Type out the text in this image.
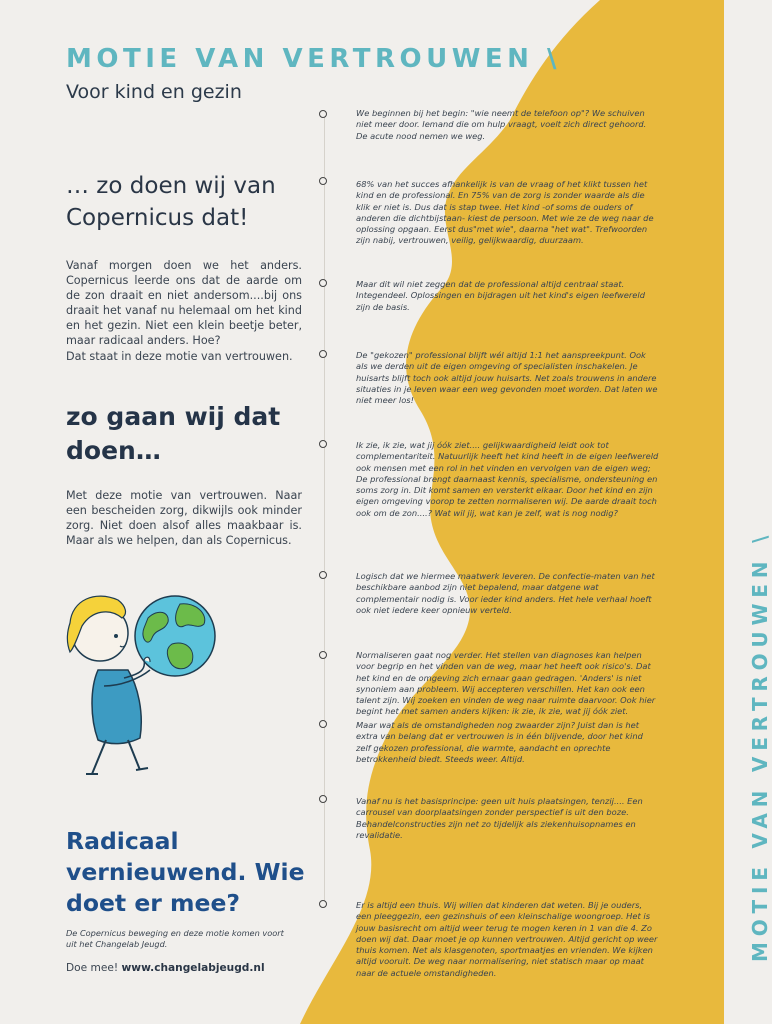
MOTIE VAN VERTROUWEN \
Voor kind en gezin
… zo doen wij van Copernicus dat!
Vanaf morgen doen we het anders. Copernicus leerde ons dat de aarde om de zon draait en niet andersom....bij ons draait het vanaf nu helemaal om het kind en het gezin. Niet een klein beetje beter, maar radicaal anders. Hoe?
Dat staat in deze motie van vertrouwen.
zo gaan wij dat doen…
Met deze motie van vertrouwen. Naar een bescheiden zorg, dikwijls ook minder zorg. Niet doen alsof alles maakbaar is. Maar als we helpen, dan als Copernicus.
Radicaal vernieuwend. Wie doet er mee?
De Copernicus beweging en deze motie komen voort uit het Changelab Jeugd.
Doe mee! www.changelabjeugd.nl
We beginnen bij het begin: "wie neemt de telefoon op"? We schuiven niet meer door. Iemand die om hulp vraagt, voelt zich direct gehoord. De acute nood nemen we weg.
68% van het succes afhankelijk is van de vraag of het klikt tussen het kind en de professional. En 75% van de zorg is zonder waarde als die klik er niet is. Dus dat is stap twee. Het kind -of soms de ouders of anderen die dichtbijstaan- kiest de persoon. Met wie ze de weg naar de oplossing opgaan. Eerst dus"met wie", daarna "het wat". Trefwoorden zijn nabij, vertrouwen, veilig, gelijkwaardig, duurzaam.
Maar dit wil niet zeggen dat de professional altijd centraal staat. Integendeel. Oplossingen en bijdragen uit het kind's eigen leefwereld zijn de basis.
De "gekozen" professional blijft wél altijd 1:1 het aanspreekpunt. Ook als we derden uit de eigen omgeving of specialisten inschakelen. Je huisarts blijft toch ook altijd jouw huisarts. Net zoals trouwens in andere situaties in je leven waar een weg gevonden moet worden. Dat laten we niet meer los!
Ik zie, ik zie, wat jij óók ziet.... gelijkwaardigheid leidt ook tot complementariteit. Natuurlijk heeft het kind heeft in de eigen leefwereld ook mensen met een rol in het vinden en vervolgen van de eigen weg; De professional brengt daarnaast kennis, specialisme, ondersteuning en soms zorg in. Dit komt samen en versterkt elkaar. Door het kind en zijn eigen omgeving voorop te zetten normaliseren wij. De aarde draait toch ook om de zon....? Wat wil jij, wat kan je zelf, wat is nog nodig?
Logisch dat we hiermee maatwerk leveren. De confectie-maten van het beschikbare aanbod zijn niet bepalend, maar datgene wat complementair nodig is. Voor ieder kind anders. Het hele verhaal hoeft ook niet iedere keer opnieuw verteld.
Normaliseren gaat nog verder. Het stellen van diagnoses kan helpen voor begrip en het vinden van de weg, maar het heeft ook risico's. Dat het kind en de omgeving zich ernaar gaan gedragen. 'Anders' is niet synoniem aan probleem. Wij accepteren verschillen. Het kan ook een talent zijn. Wij zoeken en vinden de weg naar ruimte daarvoor. Ook hier begint het met samen anders kijken: ik zie, ik zie, wat jij óók ziet.
Maar wat als de omstandigheden nog zwaarder zijn? Juist dan is het extra van belang dat er vertrouwen is in één blijvende, door het kind zelf gekozen professional, die warmte, aandacht en oprechte betrokkenheid biedt. Steeds weer. Altijd.
Vanaf nu is het basisprincipe: geen uit huis plaatsingen, tenzij.... Een carrousel van doorplaatsingen zonder perspectief is uit den boze. Behandelconstructies zijn net zo tijdelijk als ziekenhuisopnames en revalidatie.
Er is altijd een thuis. Wij willen dat kinderen dat weten. Bij je ouders, een pleeggezin, een gezinshuis of een kleinschalige woongroep. Het is jouw basisrecht om altijd weer terug te mogen keren in 1 van die 4. Zo doen wij dat. Daar moet je op kunnen vertrouwen. Altijd gericht op weer thuis komen. Net als klasgenoten, sportmaatjes en vrienden. We kijken altijd vooruit. De weg naar normalisering, niet statisch maar op maat naar de actuele omstandigheden.
MOTIE VAN VERTROUWEN \
